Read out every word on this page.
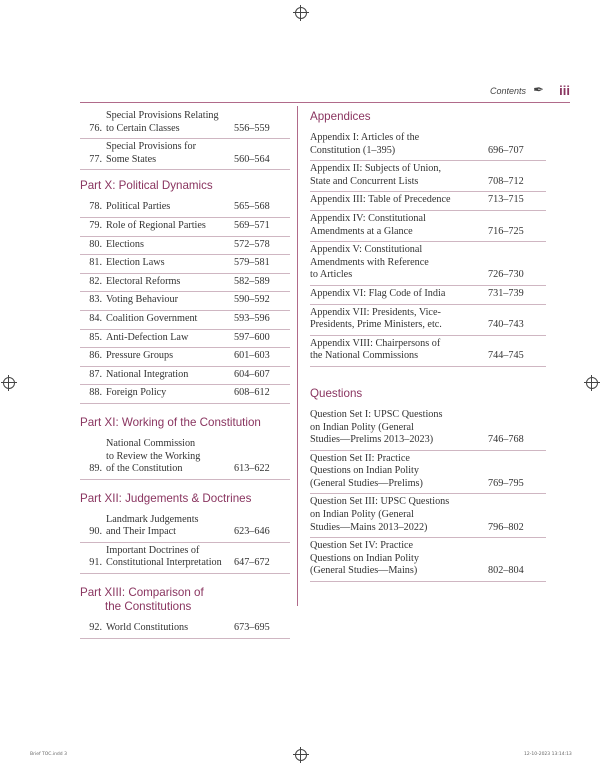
Contents ✒ iii
76.
Special Provisions Relating
to Certain Classes	556–559
77.
Special Provisions for
Some States	560–564
Part X: Political Dynamics
78. Political Parties	565–568
79. Role of Regional Parties	569–571
80. Elections	572–578
81. Election Laws	579–581
82. Electoral Reforms	582–589
83. Voting Behaviour	590–592
84. Coalition Government	593–596
85. Anti-Defection Law	597–600
86. Pressure Groups	601–603
87. National Integration	604–607
88. Foreign Policy	608–612
Part XI: Working of the Constitution
89.
National Commission
to Review the Working
of the Constitution	613–622
Part XII: Judgements & Doctrines
90.
Landmark Judgements
and Their Impact	623–646
91.
Important Doctrines of
Constitutional Interpretation	647–672
Part XIII: Comparison of
the Constitutions
92. World Constitutions	673–695
Appendices
Appendix I: Articles of the
Constitution (1–395)	696–707
Appendix II: Subjects of Union,
State and Concurrent Lists	708–712
Appendix III: Table of Precedence	713–715
Appendix IV: Constitutional
Amendments at a Glance	716–725
Appendix V: Constitutional
Amendments with Reference
to Articles	726–730
Appendix VI: Flag Code of India	731–739
Appendix VII: Presidents, Vice-
Presidents, Prime Ministers, etc.	740–743
Appendix VIII: Chairpersons of
the National Commissions	744–745
Questions
Question Set I: UPSC Questions
on Indian Polity (General
Studies—Prelims 2013–2023)	746–768
Question Set II: Practice
Questions on Indian Polity
(General Studies—Prelims)	769–795
Question Set III: UPSC Questions
on Indian Polity (General
Studies—Mains 2013–2022)	796–802
Question Set IV: Practice
Questions on Indian Polity
(General Studies—Mains)	802–804
Brief TOC.indd 3	12-10-2023 13:14:13
